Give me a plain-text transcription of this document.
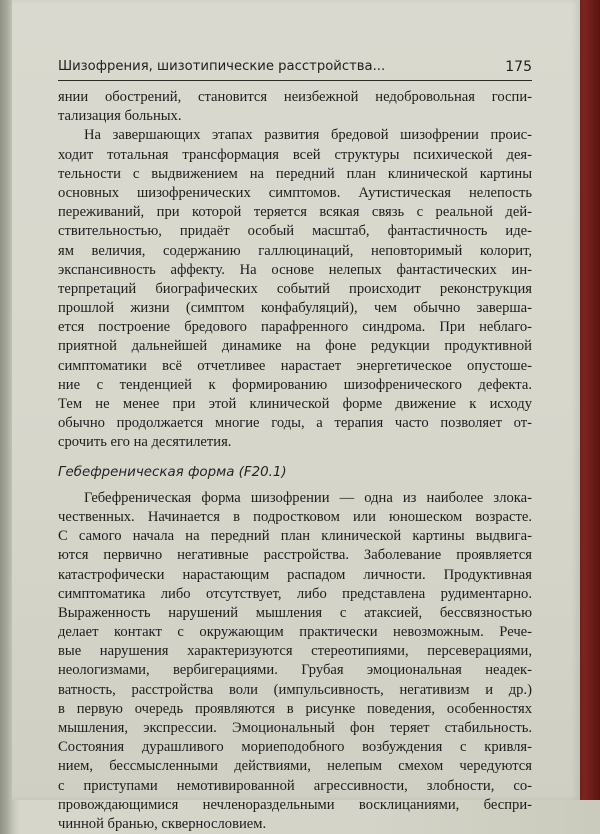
Шизофрения, шизотипические расстройства...	175
янии обострений, становится неизбежной недобровольная госпи-
тализация больных.
На завершающих этапах развития бредовой шизофрении проис-
ходит тотальная трансформация всей структуры психической дея-
тельности с выдвижением на передний план клинической картины
основных шизофренических симптомов. Аутистическая нелепость
переживаний, при которой теряется всякая связь с реальной дей-
ствительностью, придаёт особый масштаб, фантастичность иде-
ям величия, содержанию галлюцинаций, неповторимый колорит,
экспансивность аффекту. На основе нелепых фантастических ин-
терпретаций биографических событий происходит реконструкция
прошлой жизни (симптом конфабуляций), чем обычно заверша-
ется построение бредового парафренного синдрома. При неблаго-
приятной дальнейшей динамике на фоне редукции продуктивной
симптоматики всё отчетливее нарастает энергетическое опустоше-
ние с тенденцией к формированию шизофренического дефекта.
Тем не менее при этой клинической форме движение к исходу
обычно продолжается многие годы, а терапия часто позволяет от-
срочить его на десятилетия.
Гебефреническая форма (F20.1)
Гебефреническая форма шизофрении — одна из наиболее злока-
чественных. Начинается в подростковом или юношеском возрасте.
С самого начала на передний план клинической картины выдвига-
ются первично негативные расстройства. Заболевание проявляется
катастрофически нарастающим распадом личности. Продуктивная
симптоматика либо отсутствует, либо представлена рудиментарно.
Выраженность нарушений мышления с атаксией, бессвязностью
делает контакт с окружающим практически невозможным. Рече-
вые нарушения характеризуются стереотипиями, персеверациями,
неологизмами, вербигерациями. Грубая эмоциональная неадек-
ватность, расстройства воли (импульсивность, негативизм и др.)
в первую очередь проявляются в рисунке поведения, особенностях
мышления, экспрессии. Эмоциональный фон теряет стабильность.
Состояния дурашливого мориеподобного возбуждения с кривля-
нием, бессмысленными действиями, нелепым смехом чередуются
с приступами немотивированной агрессивности, злобности, со-
провождающимися нечленораздельными восклицаниями, беспри-
чинной бранью, сквернословием.
